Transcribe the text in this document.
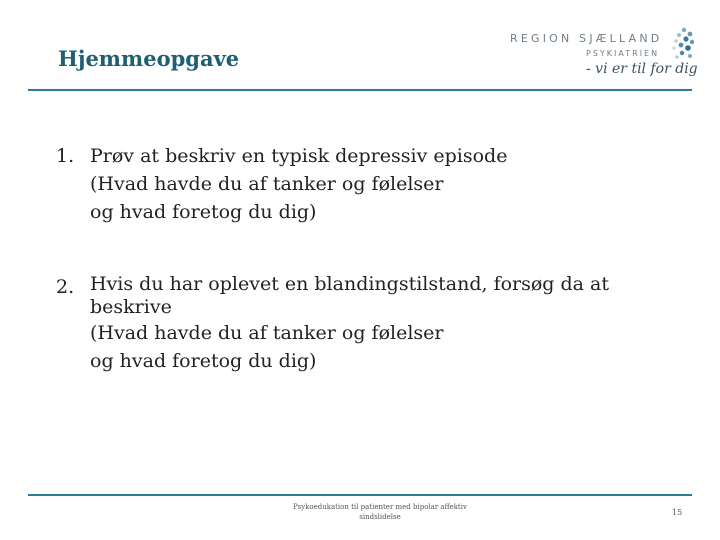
Hjemmeopgave
REGION SJÆLLAND
PSYKIATRIEN
- vi er til for dig
1. Prøv at beskriv en typisk depressiv episode
(Hvad havde du af tanker og følelser
og hvad foretog du dig)
2. Hvis du har oplevet en blandingstilstand, forsøg da at
beskrive
(Hvad havde du af tanker og følelser
og hvad foretog du dig)
Psykoedukation til patienter med bipolar affektiv
sindslidelse	15
